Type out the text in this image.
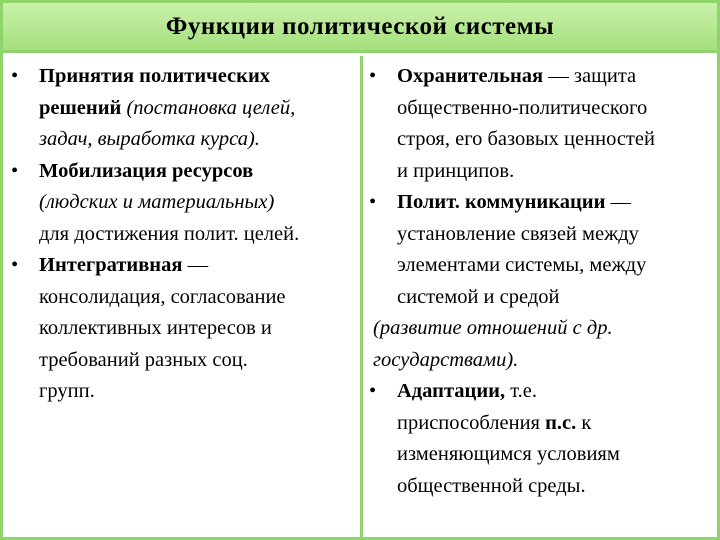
Функции политической системы
• Принятия политических
решений (постановка целей,
задач, выработка курса).
• Мобилизация ресурсов
(людских и материальных)
для достижения полит. целей.
• Интегративная —
консолидация, согласование
коллективных интересов и
требований разных соц.
групп.
• Охранительная — защита
общественно-политического
строя, его базовых ценностей
и принципов.
• Полит. коммуникации —
установление связей между
элементами системы, между
системой и средой
(развитие отношений с др.
государствами).
• Адаптации, т.е.
приспособления п.с. к
изменяющимся условиям
общественной среды.
